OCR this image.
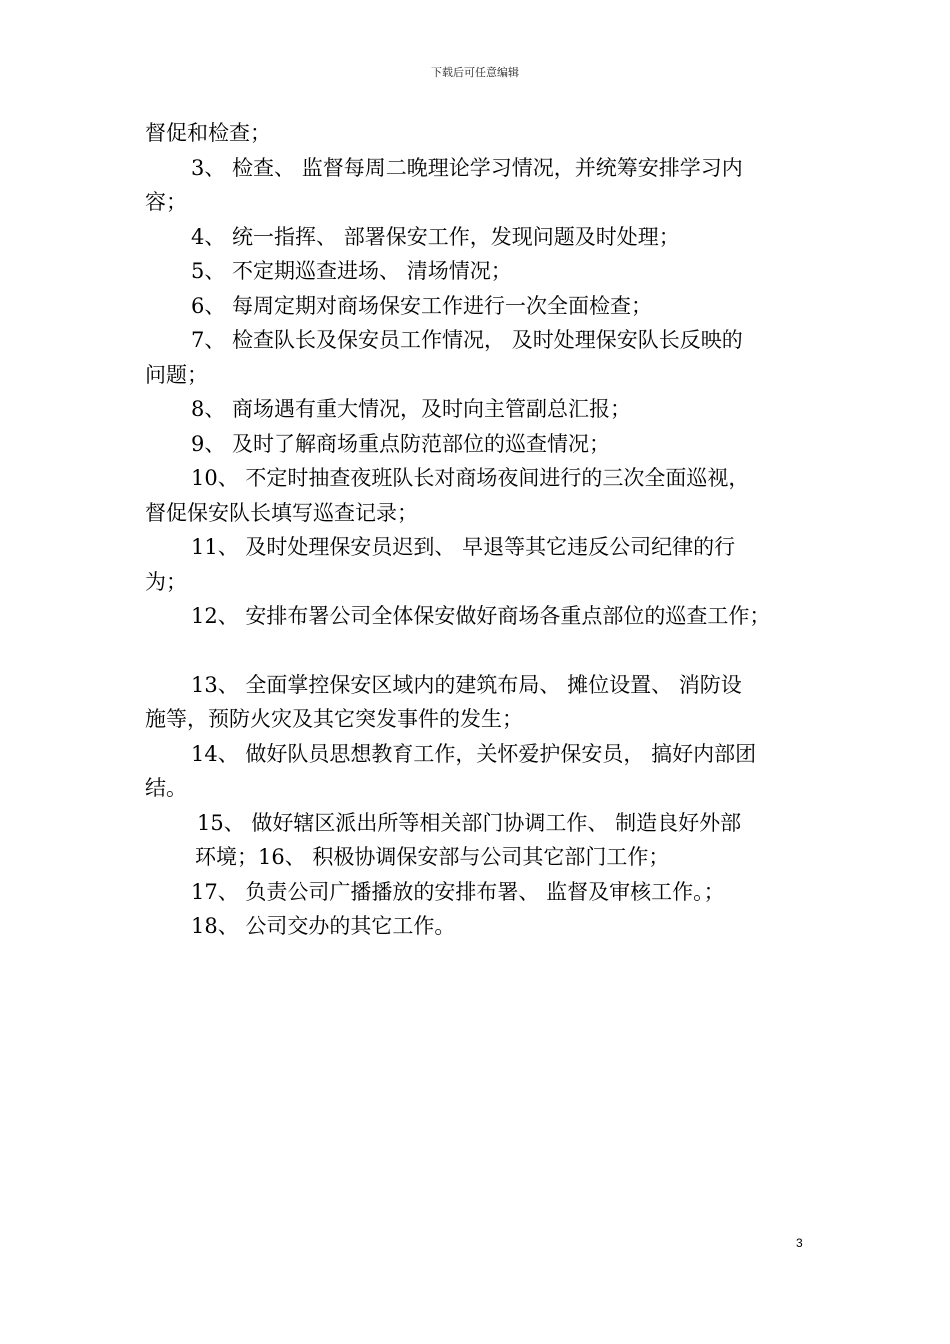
下载后可任意编辑
督促和检查；
3、 检查、 监督每周二晚理论学习情况，并统筹安排学习内
容；
4、 统一指挥、 部署保安工作，发现问题及时处理；
5、 不定期巡查进场、 清场情况；
6、 每周定期对商场保安工作进行一次全面检查；
7、 检查队长及保安员工作情况， 及时处理保安队长反映的
问题；
8、 商场遇有重大情况，及时向主管副总汇报；
9、 及时了解商场重点防范部位的巡查情况；
10、 不定时抽查夜班队长对商场夜间进行的三次全面巡视，
督促保安队长填写巡查记录；
11、 及时处理保安员迟到、 早退等其它违反公司纪律的行
为；
12、 安排布署公司全体保安做好商场各重点部位的巡查工作；
13、 全面掌控保安区域内的建筑布局、 摊位设置、 消防设
施等，预防火灾及其它突发事件的发生；
14、 做好队员思想教育工作，关怀爱护保安员， 搞好内部团
结。
15、 做好辖区派出所等相关部门协调工作、 制造良好外部
环境；16、 积极协调保安部与公司其它部门工作；
17、 负责公司广播播放的安排布署、 监督及审核工作。；
18、 公司交办的其它工作。
3
